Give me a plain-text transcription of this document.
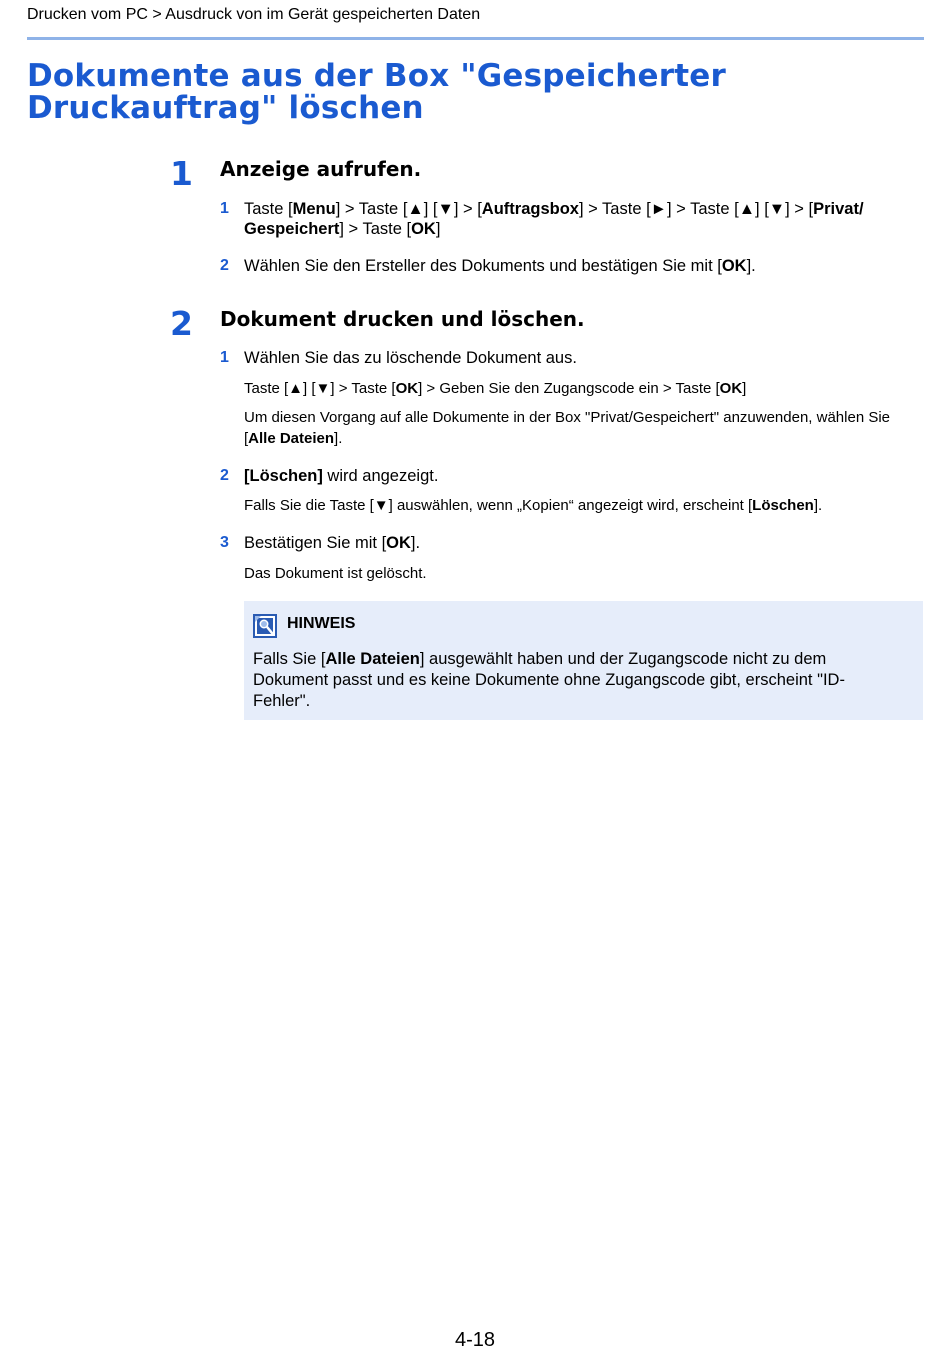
Drucken vom PC > Ausdruck von im Gerät gespeicherten Daten
Dokumente aus der Box "Gespeicherter
Druckauftrag" löschen
1 Anzeige aufrufen.
1 Taste [Menu] > Taste [▲] [▼] > [Auftragsbox] > Taste [►] > Taste [▲] [▼] > [Privat/
Gespeichert] > Taste [OK]
2 Wählen Sie den Ersteller des Dokuments und bestätigen Sie mit [OK].
2 Dokument drucken und löschen.
1 Wählen Sie das zu löschende Dokument aus.
Taste [▲] [▼] > Taste [OK] > Geben Sie den Zugangscode ein > Taste [OK]
Um diesen Vorgang auf alle Dokumente in der Box "Privat/Gespeichert" anzuwenden, wählen Sie
[Alle Dateien].
2 [Löschen] wird angezeigt.
Falls Sie die Taste [▼] auswählen, wenn „Kopien“ angezeigt wird, erscheint [Löschen].
3 Bestätigen Sie mit [OK].
Das Dokument ist gelöscht.
HINWEIS
Falls Sie [Alle Dateien] ausgewählt haben und der Zugangscode nicht zu dem
Dokument passt und es keine Dokumente ohne Zugangscode gibt, erscheint "ID-
Fehler".
4-18
